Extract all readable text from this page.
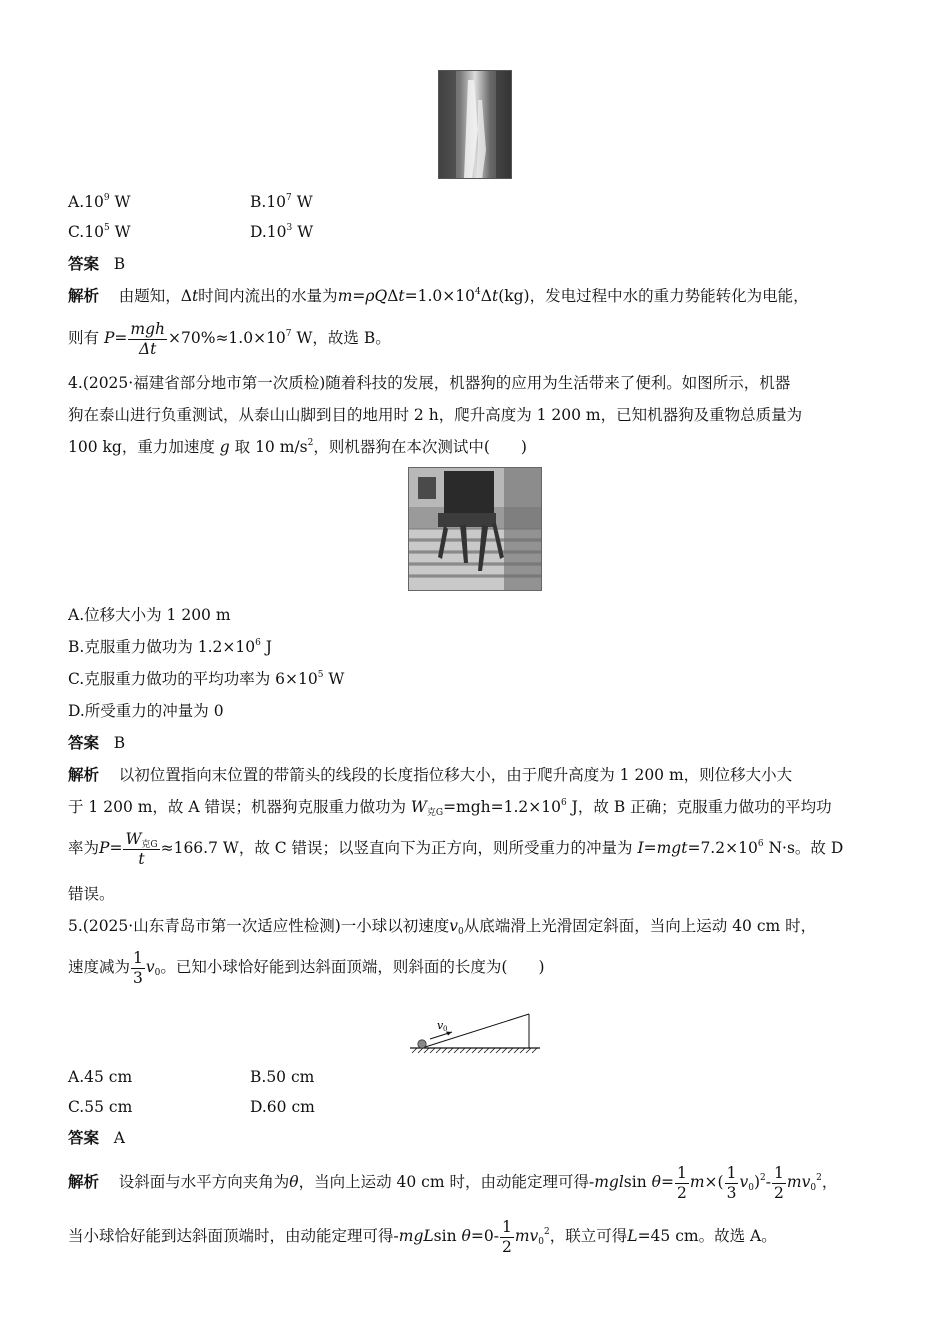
$A.10^9$ W	$B.10^7$ W
$C.10^5$ W	$D.10^3$ W
答案 B
解析 由题知，Δt时间内流出的水量为$m=\rho Q\Delta t=1.0\times 10^4\Delta t(kg)$，发电过程中水的重力势能转化为电能，
则有 $P= \frac{\text{mgh}}{\Delta t} \times 70\%\approx 1.0\times 10^7$ W，故选 B。
4.(2025·福建省部分地市第一次质检)随着科技的发展，机器狗的应用为生活带来了便利。如图所示，机器
狗在泰山进行负重测试，从泰山山脚到目的地用时 2 h，爬升高度为 1 200 m，已知机器狗及重物总质量为
100 kg，重力加速度 g 取 10 $m/s^2$，则机器狗在本次测试中(　　)
A.位移大小为 1 200 m
B.克服重力做功为 $1.2\times 10^6$ J
C.克服重力做功的平均功率为 $6\times 10^5$ W
D.所受重力的冲量为 0
答案 B
解析 以初位置指向末位置的带箭头的线段的长度指位移大小，由于爬升高度为 1 200 m，则位移大小大
于 1 200 m，故 A 错误；机器狗克服重力做功为 $W_{克G}=mgh=1.2\times 10^6$ J，故 B 正确；克服重力做功的平均功
率为$P= \frac{W_{克G}}{t} \approx 166.7$ W，故 C 错误；以竖直向下为正方向，则所受重力的冲量为 $I=mgt=7.2\times 10^6$ N·s。故 D
错误。
5.(2025·山东青岛市第一次适应性检测)一小球以初速度$v_0$从底端滑上光滑固定斜面，当向上运动 40 cm 时，
速度减为 $\frac{1}{3} v_0$。已知小球恰好能到达斜面顶端，则斜面的长度为(　　)
v 0
A.45 cm	B.50 cm
C.55 cm	D.60 cm
答案 A
解析 设斜面与水平方向夹角为θ，当向上运动 40 cm 时，由动能定理可得-mglsin $\theta= \frac{1}{2} m\times( \frac{1}{3} v_0)^2- \frac{1}{2} mv_0^2$，
当小球恰好能到达斜面顶端时，由动能定理可得-mgLsin $\theta=0- \frac{1}{2} mv_0^2$，联立可得L=45 cm。故选 A。
